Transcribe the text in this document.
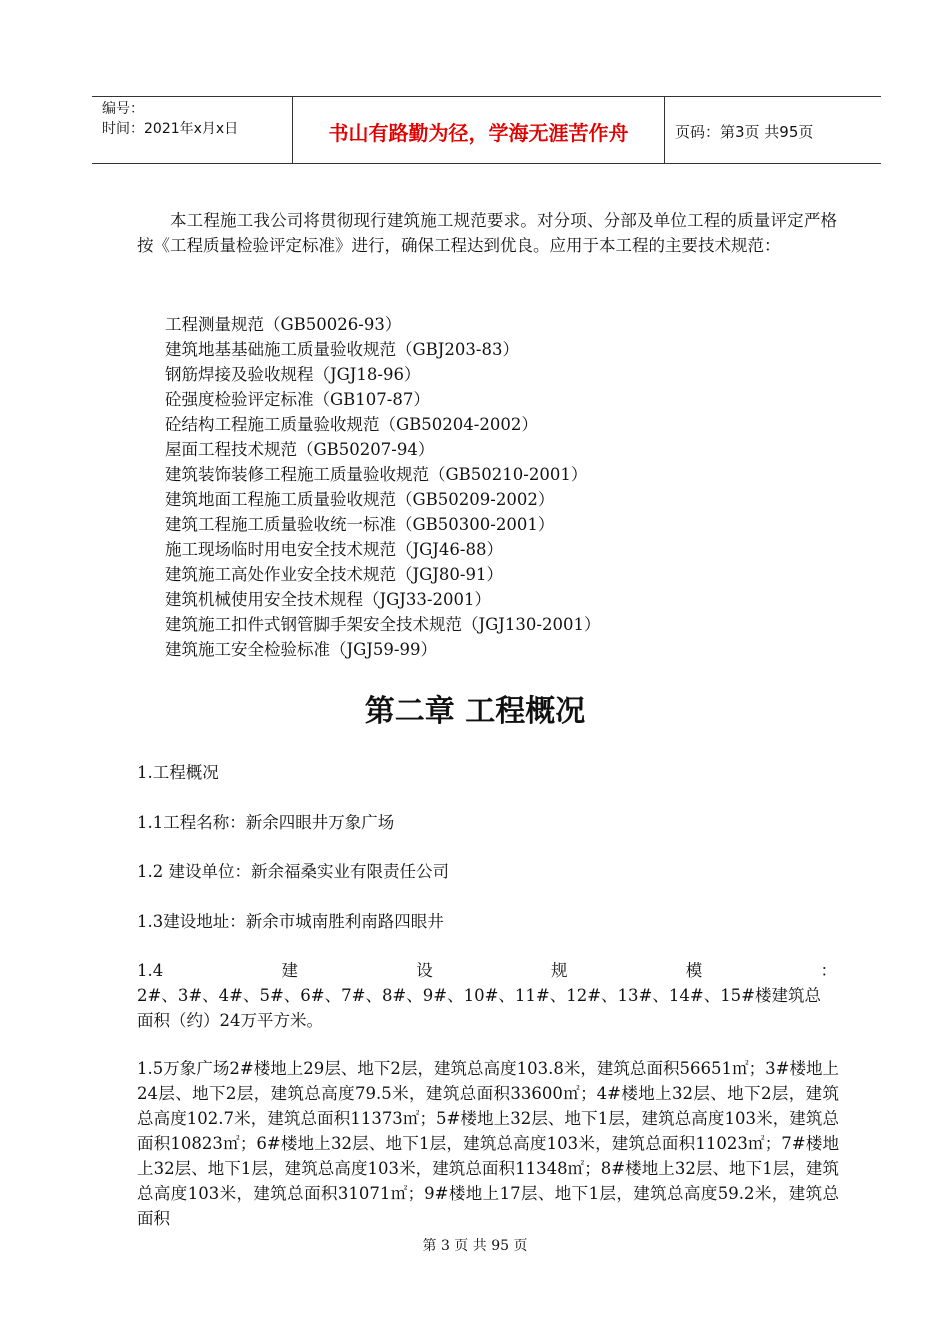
编号：
时间：2021年x月x日	书山有路勤为径，学海无涯苦作舟	页码：第3页 共95页

本工程施工我公司将贯彻现行建筑施工规范要求。对分项、分部及单位工程的质量评定严格按《工程质量检验评定标准》进行，确保工程达到优良。应用于本工程的主要技术规范：

工程测量规范（GB50026-93）
建筑地基基础施工质量验收规范（GBJ203-83）
钢筋焊接及验收规程（JGJ18-96）
砼强度检验评定标准（GB107-87）
砼结构工程施工质量验收规范（GB50204-2002）
屋面工程技术规范（GB50207-94）
建筑装饰装修工程施工质量验收规范（GB50210-2001）
建筑地面工程施工质量验收规范（GB50209-2002）
建筑工程施工质量验收统一标准（GB50300-2001）
施工现场临时用电安全技术规范（JGJ46-88）
建筑施工高处作业安全技术规范（JGJ80-91）
建筑机械使用安全技术规程（JGJ33-2001）
建筑施工扣件式钢管脚手架安全技术规范（JGJ130-2001）
建筑施工安全检验标准（JGJ59-99）
第二章 工程概况
1.工程概况
1.1工程名称：新余四眼井万象广场
1.2 建设单位：新余福桑实业有限责任公司
1.3建设地址：新余市城南胜利南路四眼井
1.4	建	设	规	模	：
2#、3#、4#、5#、6#、7#、8#、9#、10#、11#、12#、13#、14#、15#楼建筑总面积（约）24万平方米。

1.5万象广场2#楼地上29层、地下2层，建筑总高度103.8米，建筑总面积56651㎡；3#楼地上24层、地下2层，建筑总高度79.5米，建筑总面积33600㎡；4#楼地上32层、地下2层，建筑总高度102.7米，建筑总面积11373㎡；5#楼地上32层、地下1层，建筑总高度103米，建筑总面积10823㎡；6#楼地上32层、地下1层，建筑总高度103米，建筑总面积11023㎡；7#楼地上32层、地下1层，建筑总高度103米，建筑总面积11348㎡；8#楼地上32层、地下1层，建筑总高度103米，建筑总面积31071㎡；9#楼地上17层、地下1层，建筑总高度59.2米，建筑总面积

第 3 页 共 95 页
